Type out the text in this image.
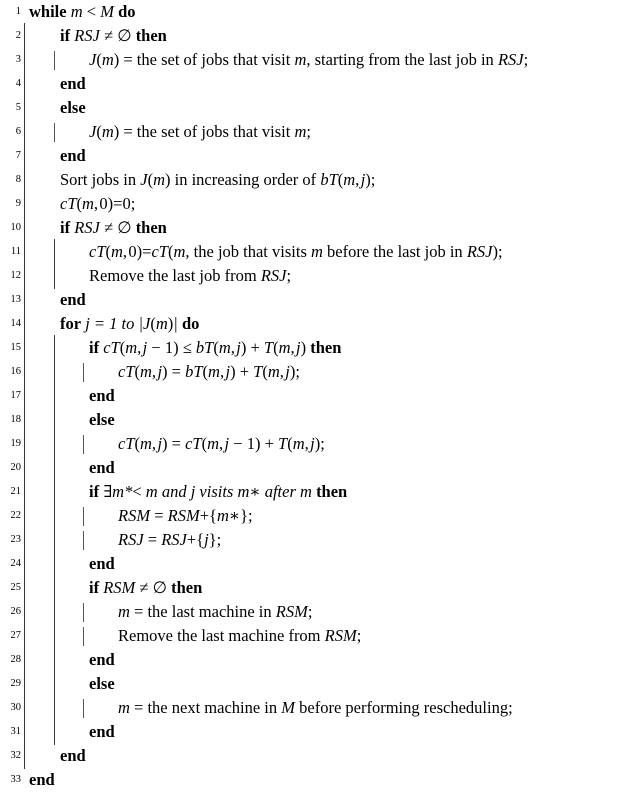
1 while m < M do
2 if RSJ ≠ ∅ then
3	J(m) = the set of jobs that visit m, starting from the last job in RSJ;
4 end
5 else
6	J(m) = the set of jobs that visit m;
7 end
8 Sort jobs in J(m) in increasing order of bT(m, j);
9 cT(m, 0)=0;
10 if RSJ ≠ ∅ then
11	cT(m, 0)=cT(m, the job that visits m before the last job in RSJ);
12	Remove the last job from RSJ;
13 end
14 for j = 1 to |J(m)| do
15	if cT(m, j − 1) ≤ bT(m, j) + T(m, j) then
16	cT(m, j) = bT(m, j) + T(m, j);
17	end
18	else
19	cT(m, j) = cT(m, j − 1) + T(m, j);
20	end
21	if ∃m*< m and j visits m∗ after m then
22	RSM = RSM+{m∗};
23	RSJ = RSJ+{j};
24	end
25	if RSM ≠ ∅ then
26	m = the last machine in RSM;
27	Remove the last machine from RSM;
28	end
29	else
30	m = the next machine in M before performing rescheduling;
31	end
32 end
33 end
